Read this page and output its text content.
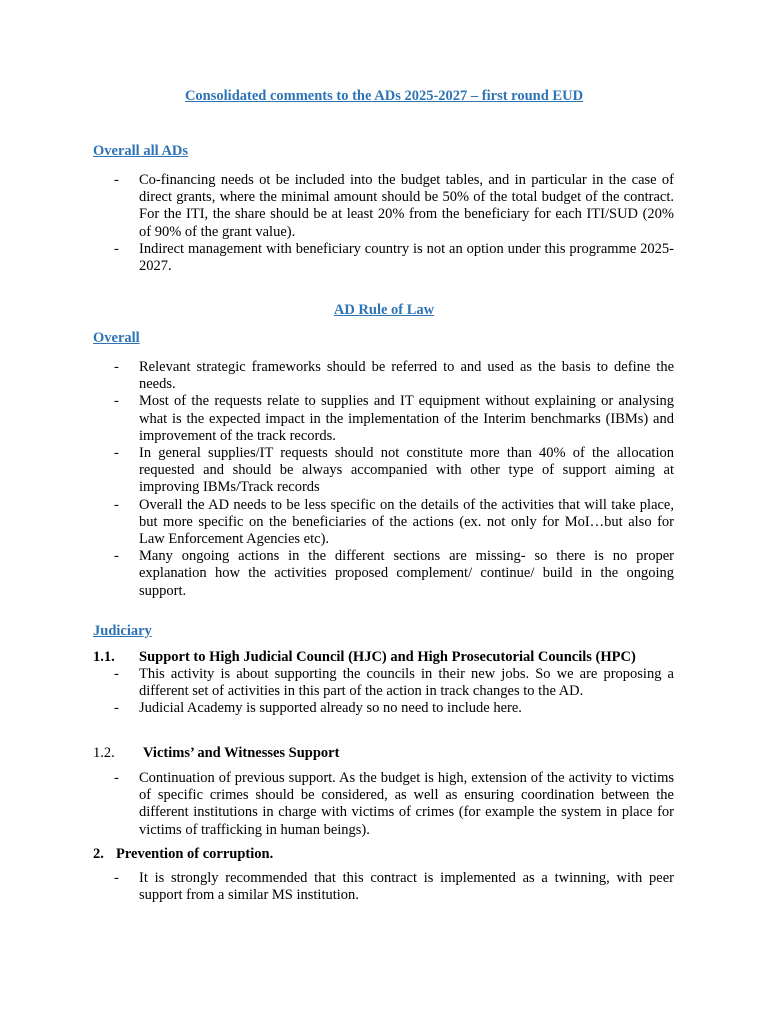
Consolidated comments to the ADs 2025-2027 – first round EUD
Overall all ADs
- Co-financing needs ot be included into the budget tables, and in particular in the case of direct grants, where the minimal amount should be 50% of the total budget of the contract. For the ITI, the share should be at least 20% from the beneficiary for each ITI/SUD (20% of 90% of the grant value).
- Indirect management with beneficiary country is not an option under this programme 2025-2027.
AD Rule of Law
Overall
- Relevant strategic frameworks should be referred to and used as the basis to define the needs.
- Most of the requests relate to supplies and IT equipment without explaining or analysing what is the expected impact in the implementation of the Interim benchmarks (IBMs) and improvement of the track records.
- In general supplies/IT requests should not constitute more than 40% of the allocation requested and should be always accompanied with other type of support aiming at improving IBMs/Track records
- Overall the AD needs to be less specific on the details of the activities that will take place, but more specific on the beneficiaries of the actions (ex. not only for MoI…but also for Law Enforcement Agencies etc).
- Many ongoing actions in the different sections are missing- so there is no proper explanation how the activities proposed complement/ continue/ build in the ongoing support.
Judiciary
1.1. Support to High Judicial Council (HJC) and High Prosecutorial Councils (HPC)
- This activity is about supporting the councils in their new jobs. So we are proposing a different set of activities in this part of the action in track changes to the AD.
- Judicial Academy is supported already so no need to include here.
1.2. Victims’ and Witnesses Support
- Continuation of previous support. As the budget is high, extension of the activity to victims of specific crimes should be considered, as well as ensuring coordination between the different institutions in charge with victims of crimes (for example the system in place for victims of trafficking in human beings).
2. Prevention of corruption.
- It is strongly recommended that this contract is implemented as a twinning, with peer support from a similar MS institution.
